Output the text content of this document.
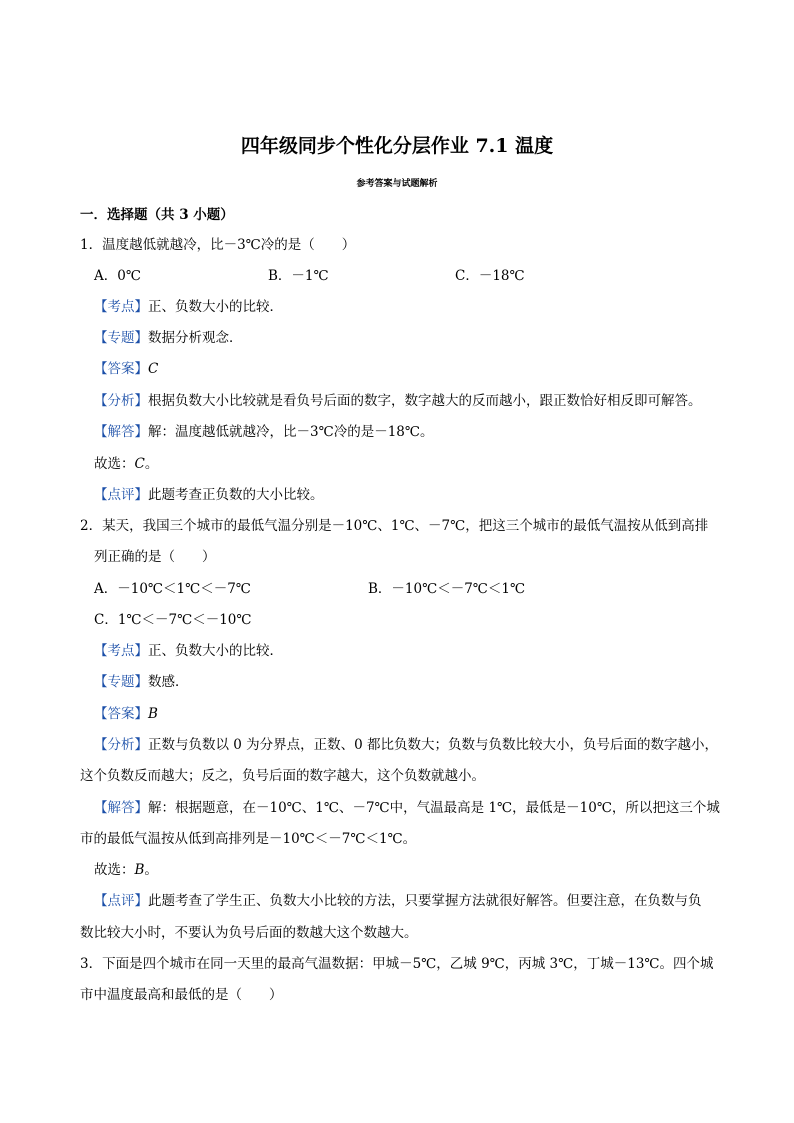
四年级同步个性化分层作业 7.1 温度
参考答案与试题解析
一．选择题（共 3 小题）
1．温度越低就越冷，比－3℃冷的是（　　）
A．0℃	B．－1℃	C．－18℃
【考点】正、负数大小的比较．
【专题】数据分析观念．
【答案】C
【分析】根据负数大小比较就是看负号后面的数字，数字越大的反而越小，跟正数恰好相反即可解答。
【解答】解：温度越低就越冷，比－3℃冷的是－18℃。
故选：C。
【点评】此题考查正负数的大小比较。
2．某天，我国三个城市的最低气温分别是－10℃、1℃、－7℃，把这三个城市的最低气温按从低到高排
列正确的是（　　）
A．－10℃＜1℃＜－7℃	B．－10℃＜－7℃＜1℃
C．1℃＜－7℃＜－10℃
【考点】正、负数大小的比较．
【专题】数感．
【答案】B
【分析】正数与负数以 0 为分界点，正数、0 都比负数大；负数与负数比较大小，负号后面的数字越小，
这个负数反而越大；反之，负号后面的数字越大，这个负数就越小。
【解答】解：根据题意，在－10℃、1℃、－7℃中，气温最高是 1℃，最低是－10℃，所以把这三个城
市的最低气温按从低到高排列是－10℃＜－7℃＜1℃。
故选：B。
【点评】此题考查了学生正、负数大小比较的方法，只要掌握方法就很好解答。但要注意，在负数与负
数比较大小时，不要认为负号后面的数越大这个数越大。
3．下面是四个城市在同一天里的最高气温数据：甲城－5℃，乙城 9℃，丙城 3℃，丁城－13℃。四个城
市中温度最高和最低的是（　　）
